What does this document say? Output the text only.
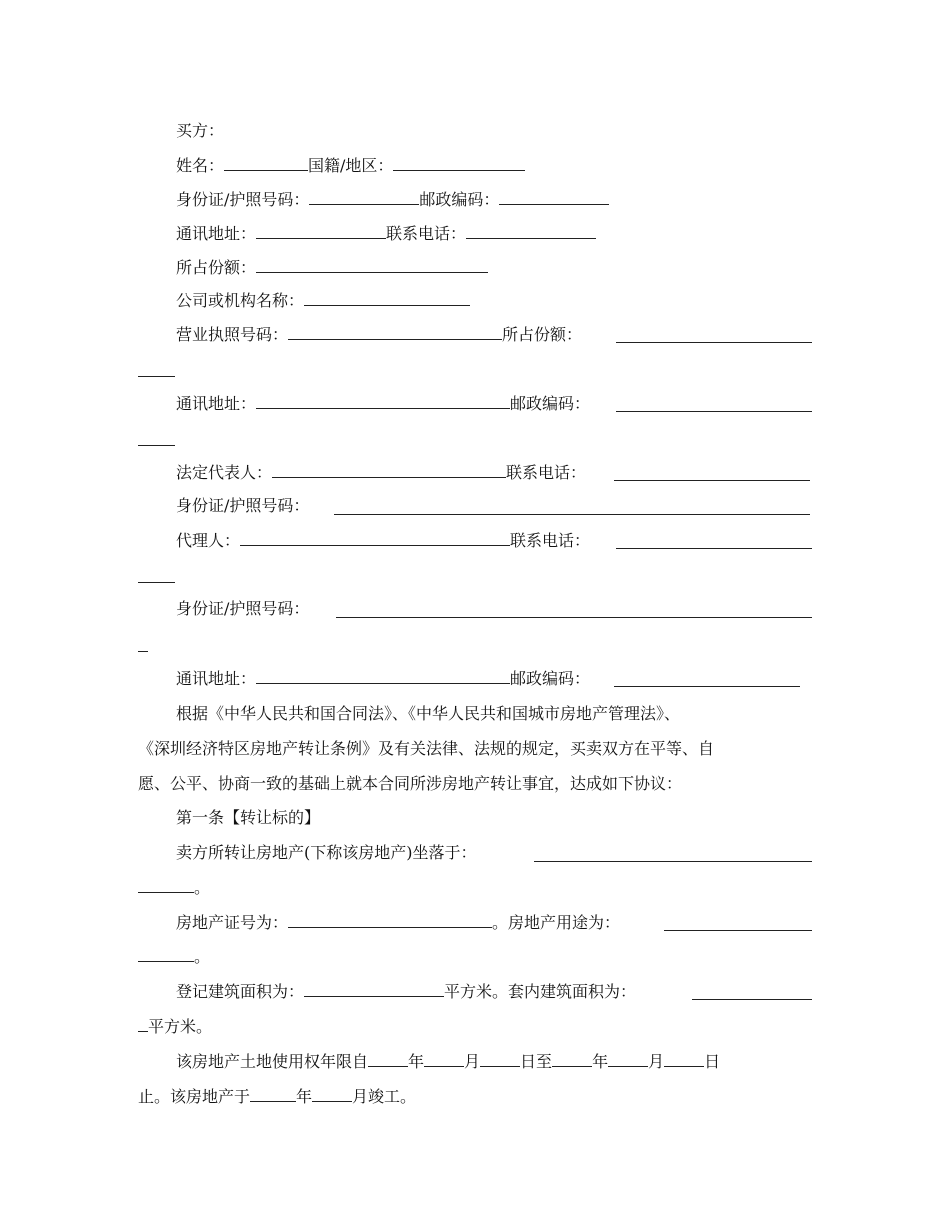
买方：
姓名：	国籍/地区：
身份证/护照号码：	邮政编码：
通讯地址：	联系电话：
所占份额：
公司或机构名称：
营业执照号码：	所占份额：
通讯地址：	邮政编码：
法定代表人：	联系电话：
身份证/护照号码：
代理人：	联系电话：
身份证/护照号码：
通讯地址：	邮政编码：
根据《中华人民共和国合同法》、《中华人民共和国城市房地产管理法》、
《深圳经济特区房地产转让条例》及有关法律、法规的规定，买卖双方在平等、自
愿、公平、协商一致的基础上就本合同所涉房地产转让事宜，达成如下协议：
第一条【转让标的】
卖方所转让房地产(下称该房地产)坐落于：
。
房地产证号为：	。房地产用途为：
。
登记建筑面积为：	平方米。套内建筑面积为：
平方米。
该房地产土地使用权年限自	年	月	日至	年	月	日
止。该房地产于	年	月竣工。
